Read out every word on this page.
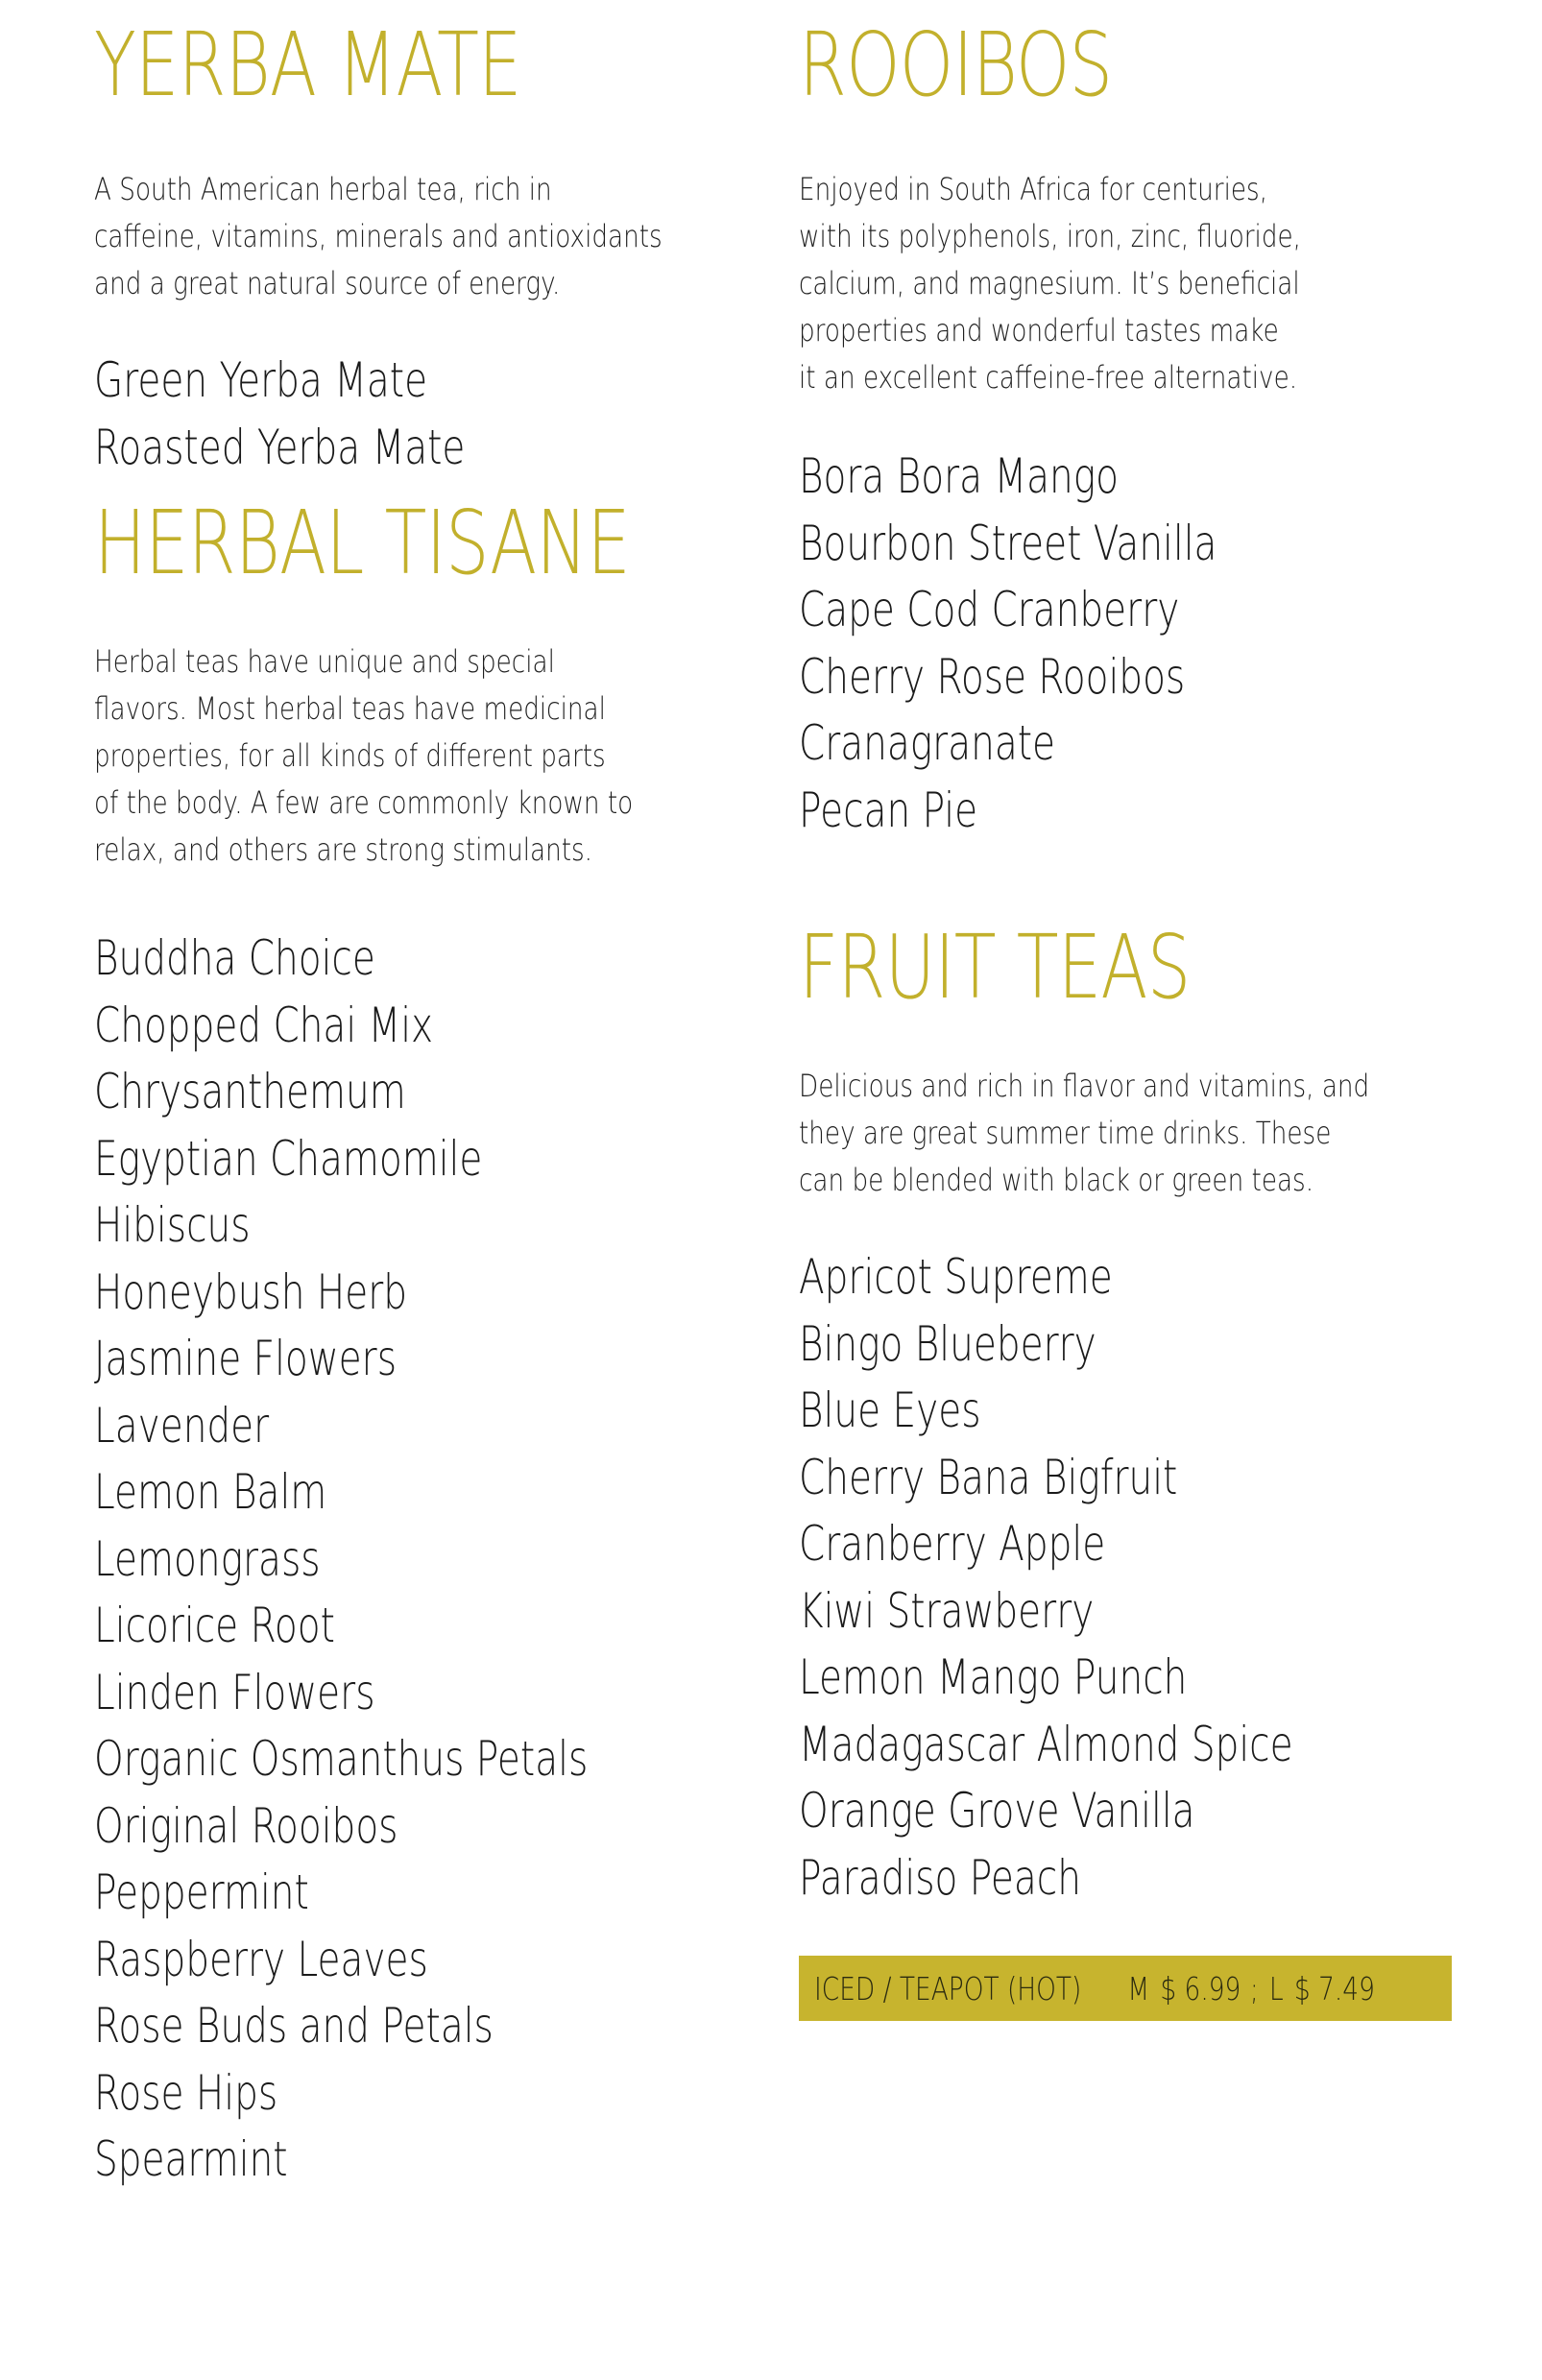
YERBA MATE

A South American herbal tea, rich in
caffeine, vitamins, minerals and antioxidants
and a great natural source of energy.

Green Yerba Mate
Roasted Yerba Mate
HERBAL TISANE

Herbal teas have unique and special
flavors. Most herbal teas have medicinal
properties, for all kinds of different parts
of the body. A few are commonly known to
relax, and others are strong stimulants.

Buddha Choice
Chopped Chai Mix
Chrysanthemum
Egyptian Chamomile
Hibiscus
Honeybush Herb
Jasmine Flowers
Lavender
Lemon Balm
Lemongrass
Licorice Root
Linden Flowers
Organic Osmanthus Petals
Original Rooibos
Peppermint
Raspberry Leaves
Rose Buds and Petals
Rose Hips
Spearmint
ROOIBOS

Enjoyed in South Africa for centuries,
with its polyphenols, iron, zinc, fluoride,
calcium, and magnesium. It’s beneficial
properties and wonderful tastes make
it an excellent caffeine-free alternative.

Bora Bora Mango
Bourbon Street Vanilla
Cape Cod Cranberry
Cherry Rose Rooibos
Cranagranate
Pecan Pie
FRUIT TEAS

Delicious and rich in flavor and vitamins, and
they are great summer time drinks. These
can be blended with black or green teas.

Apricot Supreme
Bingo Blueberry
Blue Eyes
Cherry Bana Bigfruit
Cranberry Apple
Kiwi Strawberry
Lemon Mango Punch
Madagascar Almond Spice
Orange Grove Vanilla
Paradiso Peach
ICED / TEAPOT (HOT) M $ 6.99 ; L $ 7.49
